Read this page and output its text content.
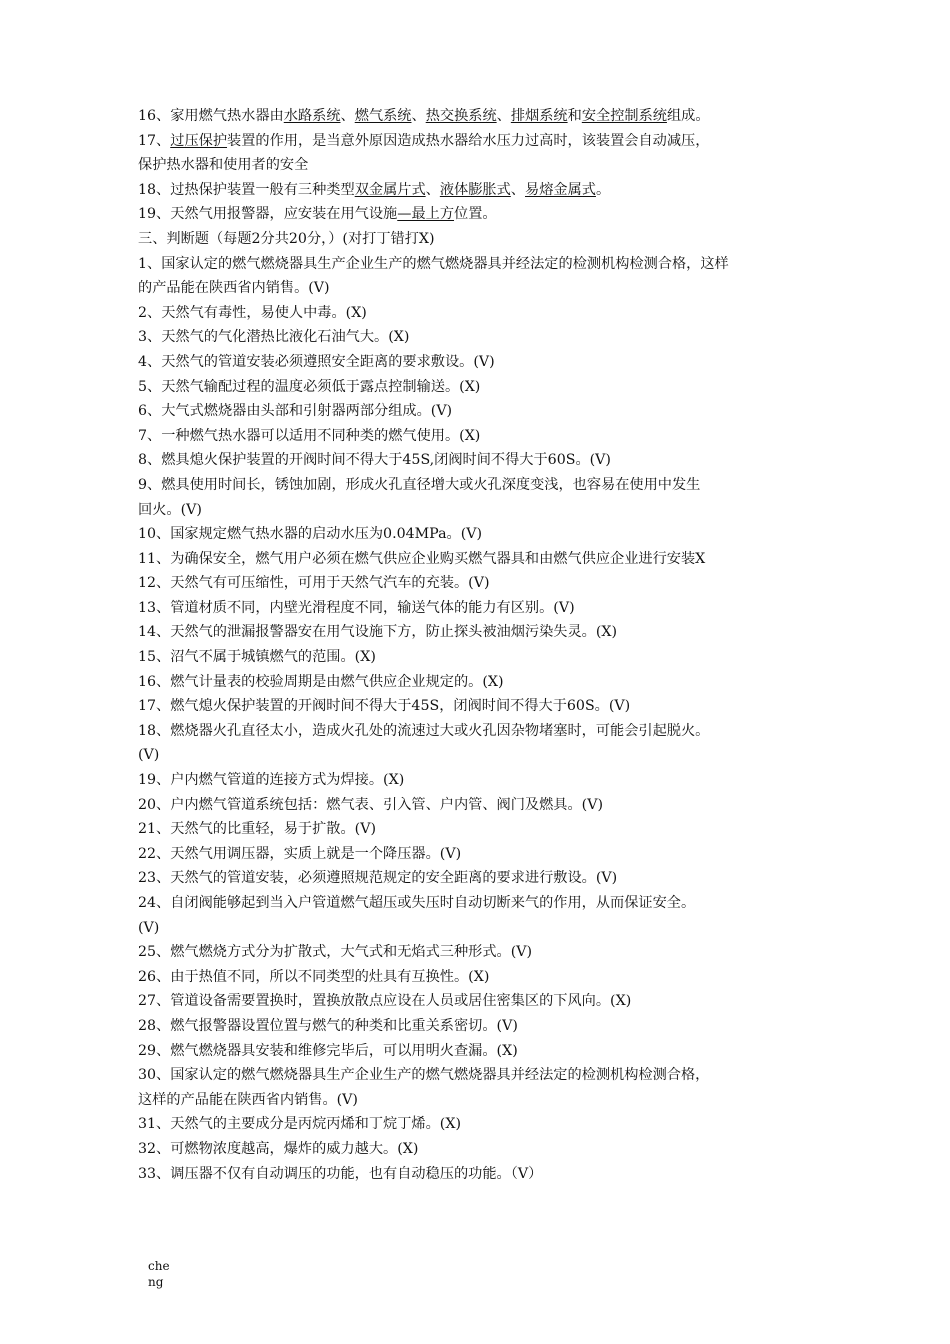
16、家用燃气热水器由水路系统、燃气系统、热交换系统、排烟系统和安全控制系统组成。
17、过压保护装置的作用，是当意外原因造成热水器给水压力过高时，该装置会自动减压，
保护热水器和使用者的安全
18、过热保护装置一般有三种类型双金属片式、液体膨胀式、易熔金属式。
19、天然气用报警器，应安装在用气设施—最上方位置。
三、判断题（每题2分共20分，）(对打丁错打X)
1、国家认定的燃气燃烧器具生产企业生产的燃气燃烧器具并经法定的检测机构检测合格，这样
的产品能在陕西省内销售。(V)
2、天然气有毒性，易使人中毒。(X)
3、天然气的气化潜热比液化石油气大。(X)
4、天然气的管道安装必须遵照安全距离的要求敷设。(V)
5、天然气输配过程的温度必须低于露点控制输送。(X)
6、大气式燃烧器由头部和引射器两部分组成。(V)
7、一种燃气热水器可以适用不同种类的燃气使用。(X)
8、燃具熄火保护装置的开阀时间不得大于45S,闭阀时间不得大于60S。(V)
9、燃具使用时间长，锈蚀加剧，形成火孔直径增大或火孔深度变浅，也容易在使用中发生
回火。(V)
10、国家规定燃气热水器的启动水压为0.04MPa。(V)
11、为确保安全，燃气用户必须在燃气供应企业购买燃气器具和由燃气供应企业进行安装X
12、天然气有可压缩性，可用于天然气汽车的充装。(V)
13、管道材质不同，内壁光滑程度不同，输送气体的能力有区别。(V)
14、天然气的泄漏报警器安在用气设施下方，防止探头被油烟污染失灵。(X)
15、沼气不属于城镇燃气的范围。(X)
16、燃气计量表的校验周期是由燃气供应企业规定的。(X)
17、燃气熄火保护装置的开阀时间不得大于45S，闭阀时间不得大于60S。(V)
18、燃烧器火孔直径太小，造成火孔处的流速过大或火孔因杂物堵塞时，可能会引起脱火。
(V)
19、户内燃气管道的连接方式为焊接。(X)
20、户内燃气管道系统包括：燃气表、引入管、户内管、阀门及燃具。(V)
21、天然气的比重轻，易于扩散。(V)
22、天然气用调压器，实质上就是一个降压器。(V)
23、天然气的管道安装，必须遵照规范规定的安全距离的要求进行敷设。(V)
24、自闭阀能够起到当入户管道燃气超压或失压时自动切断来气的作用，从而保证安全。
(V)
25、燃气燃烧方式分为扩散式，大气式和无焰式三种形式。(V)
26、由于热值不同，所以不同类型的灶具有互换性。(X)
27、管道设备需要置换时，置换放散点应设在人员或居住密集区的下风向。(X)
28、燃气报警器设置位置与燃气的种类和比重关系密切。(V)
29、燃气燃烧器具安装和维修完毕后，可以用明火查漏。(X)
30、国家认定的燃气燃烧器具生产企业生产的燃气燃烧器具并经法定的检测机构检测合格，
这样的产品能在陕西省内销售。(V)
31、天然气的主要成分是丙烷丙烯和丁烷丁烯。(X)
32、可燃物浓度越高，爆炸的威力越大。(X)
33、调压器不仅有自动调压的功能，也有自动稳压的功能。（V）
che
ng
